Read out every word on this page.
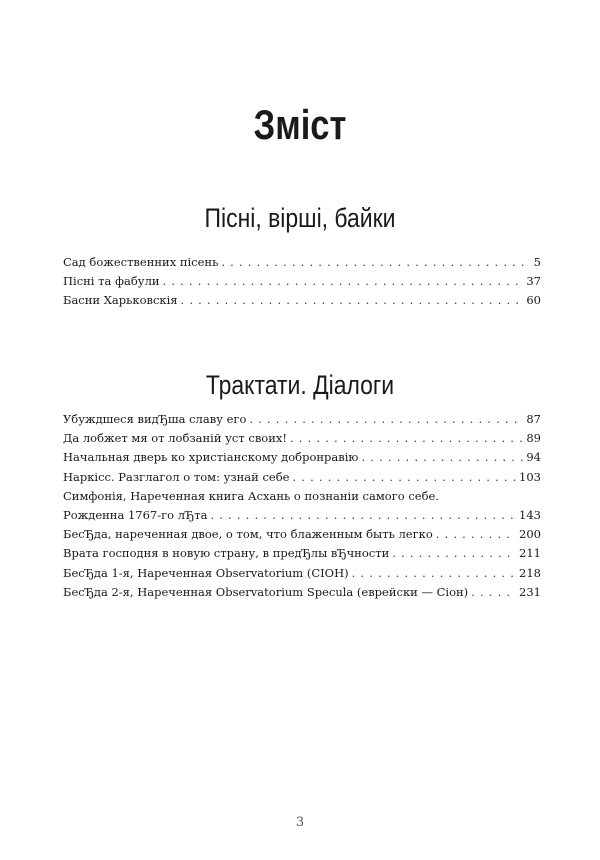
Зміст
Пісні, вірші, байки
Сад божественних пісень . . .	5
Пісні та фабули . . .	37
Басни Харьковскія . . .	60
Трактати. Діалоги
Убуждшеся видЂша славу его . . .	87
Да лобжет мя от лобзаній уст своих! . . .	89
Начальная дверь ко христіанскому добронравію . . .	94
Наркісс. Разглагол о том: узнай себе . . .	103
Симфонія, Нареченная книга Асхань о познаніи самого себе.
Рожденна 1767-го лЂта . . .	143
БесЂда, нареченная двое, о том, что блаженным быть легко . . .	200
Врата господня в новую страну, в предЂлы вЂчности . . .	211
БесЂда 1-я, Нареченная Observatorium (СІОН) . . .	218
БесЂда 2-я, Нареченная Observatorium Specula (еврейски — Сіон) . . .	231
3
